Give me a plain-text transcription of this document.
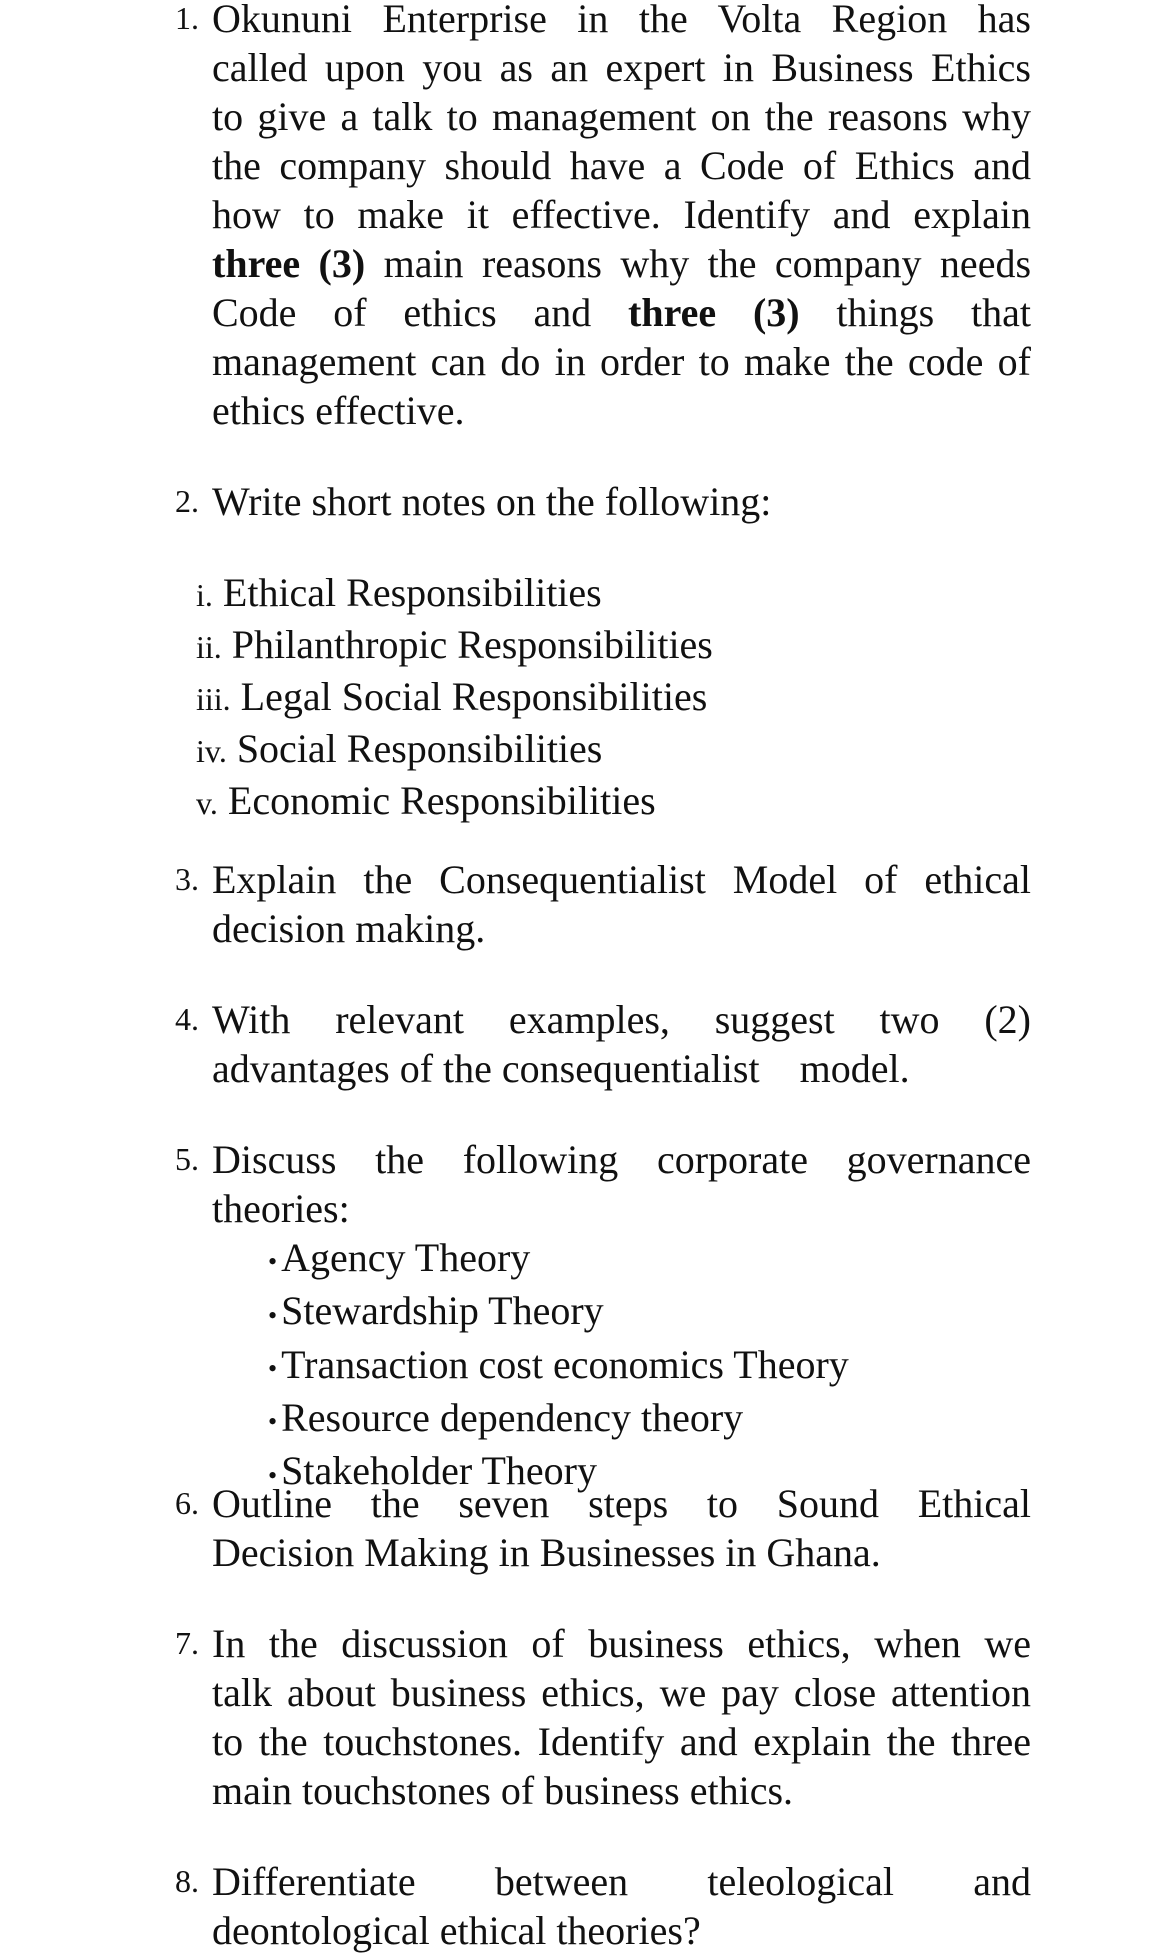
1. Okununi Enterprise in the Volta Region has
called upon you as an expert in Business Ethics
to give a talk to management on the reasons why
the company should have a Code of Ethics and
how to make it effective. Identify and explain
three (3) main reasons why the company needs
Code of ethics and three (3) things that
management can do in order to make the code of
ethics effective.
2. Write short notes on the following:
i. Ethical Responsibilities
ii. Philanthropic Responsibilities
iii. Legal Social Responsibilities
iv. Social Responsibilities
v. Economic Responsibilities
3. Explain the Consequentialist Model of ethical
decision making.
4. With relevant examples, suggest two (2)
advantages of the consequentialist    model.
5. Discuss the following corporate governance
theories:
• Agency Theory
• Stewardship Theory
• Transaction cost economics Theory
• Resource dependency theory
• Stakeholder Theory
6. Outline the seven steps to Sound Ethical
Decision Making in Businesses in Ghana.
7. In the discussion of business ethics, when we
talk about business ethics, we pay close attention
to the touchstones. Identify and explain the three
main touchstones of business ethics.
8. Differentiate between teleological and
deontological ethical theories?
